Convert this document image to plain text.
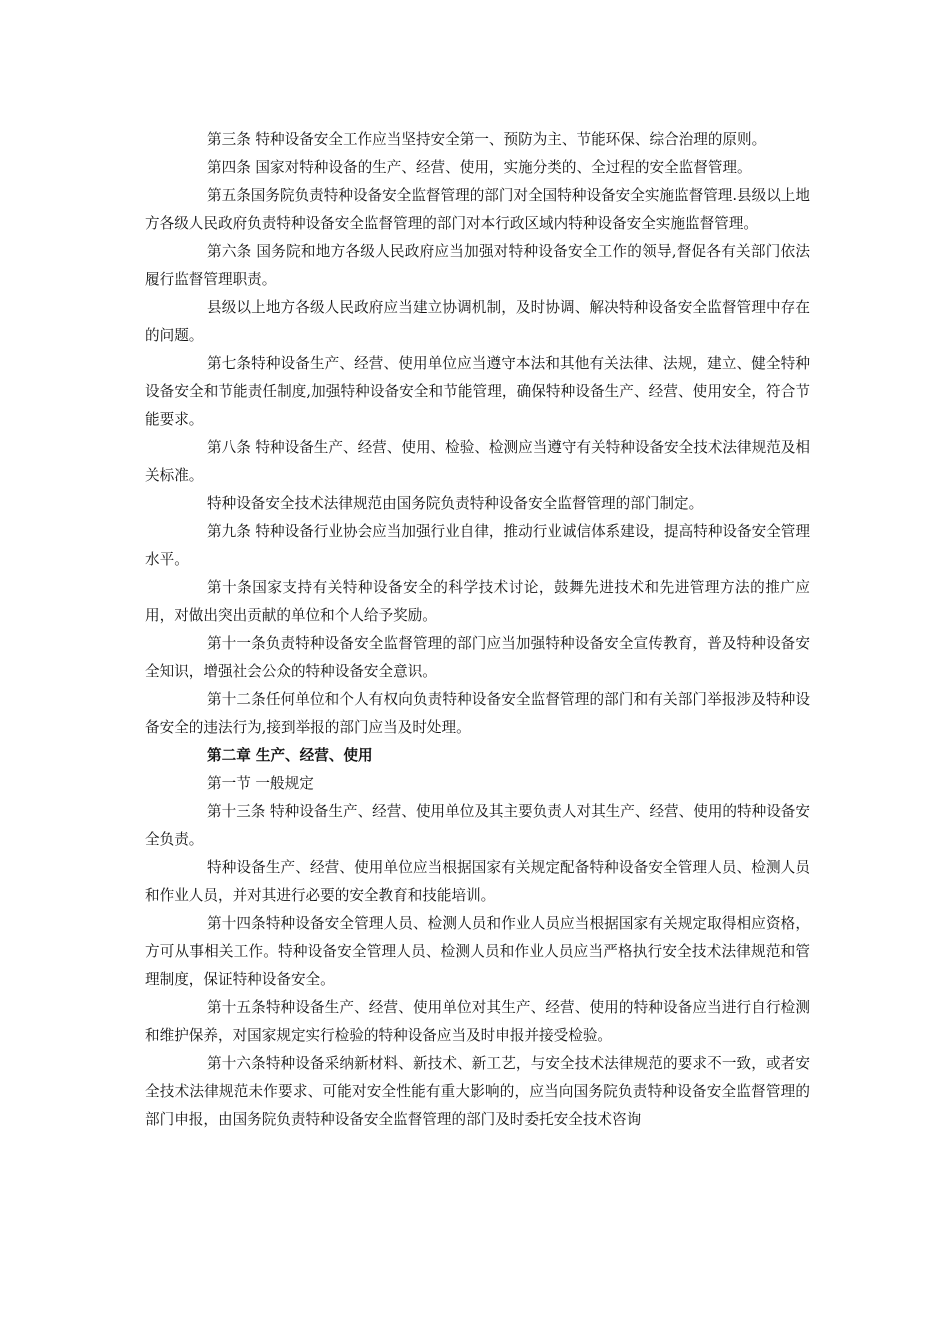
第三条 特种设备安全工作应当坚持安全第一、预防为主、节能环保、综合治理的原则。

第四条 国家对特种设备的生产、经营、使用，实施分类的、全过程的安全监督管理。

第五条国务院负责特种设备安全监督管理的部门对全国特种设备安全实施监督管理.县级以上地方各级人民政府负责特种设备安全监督管理的部门对本行政区域内特种设备安全实施监督管理。

第六条 国务院和地方各级人民政府应当加强对特种设备安全工作的领导,督促各有关部门依法履行监督管理职责。

县级以上地方各级人民政府应当建立协调机制，及时协调、解决特种设备安全监督管理中存在的问题。

第七条特种设备生产、经营、使用单位应当遵守本法和其他有关法律、法规，建立、健全特种设备安全和节能责任制度,加强特种设备安全和节能管理，确保特种设备生产、经营、使用安全，符合节能要求。

第八条 特种设备生产、经营、使用、检验、检测应当遵守有关特种设备安全技术法律规范及相关标准。

特种设备安全技术法律规范由国务院负责特种设备安全监督管理的部门制定。

第九条 特种设备行业协会应当加强行业自律，推动行业诚信体系建设，提高特种设备安全管理水平。

第十条国家支持有关特种设备安全的科学技术讨论，鼓舞先进技术和先进管理方法的推广应用，对做出突出贡献的单位和个人给予奖励。

第十一条负责特种设备安全监督管理的部门应当加强特种设备安全宣传教育，普及特种设备安全知识，增强社会公众的特种设备安全意识。

第十二条任何单位和个人有权向负责特种设备安全监督管理的部门和有关部门举报涉及特种设备安全的违法行为,接到举报的部门应当及时处理。

第二章 生产、经营、使用

第一节 一般规定

第十三条 特种设备生产、经营、使用单位及其主要负责人对其生产、经营、使用的特种设备安全负责。

特种设备生产、经营、使用单位应当根据国家有关规定配备特种设备安全管理人员、检测人员和作业人员，并对其进行必要的安全教育和技能培训。

第十四条特种设备安全管理人员、检测人员和作业人员应当根据国家有关规定取得相应资格，方可从事相关工作。特种设备安全管理人员、检测人员和作业人员应当严格执行安全技术法律规范和管理制度，保证特种设备安全。

第十五条特种设备生产、经营、使用单位对其生产、经营、使用的特种设备应当进行自行检测和维护保养，对国家规定实行检验的特种设备应当及时申报并接受检验。

第十六条特种设备采纳新材料、新技术、新工艺，与安全技术法律规范的要求不一致，或者安全技术法律规范未作要求、可能对安全性能有重大影响的，应当向国务院负责特种设备安全监督管理的部门申报，由国务院负责特种设备安全监督管理的部门及时委托安全技术咨询
